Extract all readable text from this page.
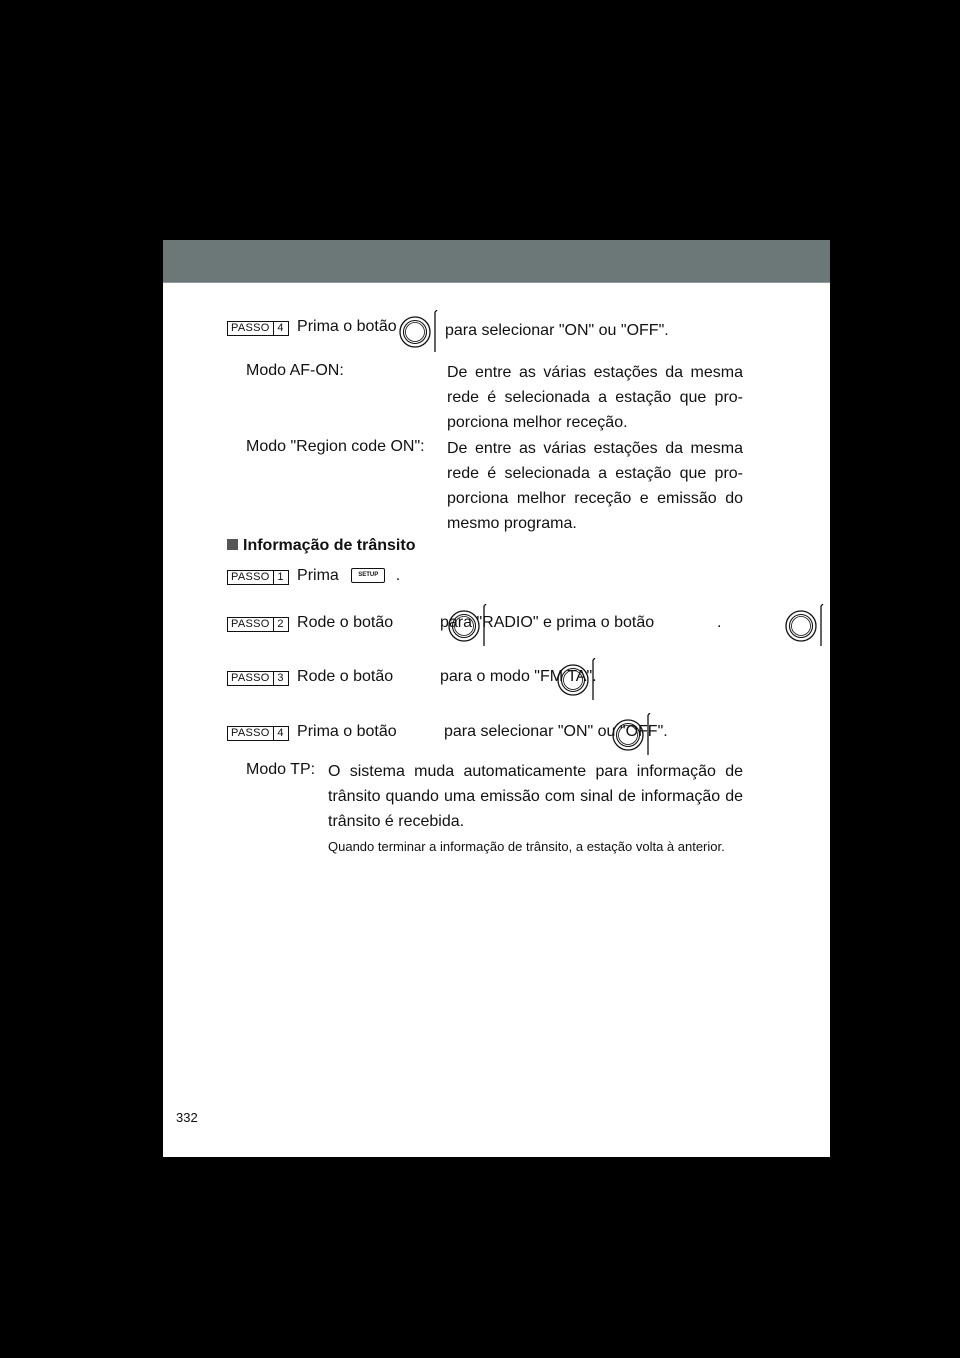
PASSO 4 Prima o botão
	para selecionar "ON" ou "OFF".
Modo AF-ON:	De entre as várias estações da mesma rede é selecionada a estação que pro-porciona melhor receção.
Modo "Region code ON": De entre as várias estações da mesma rede é selecionada a estação que pro-porciona melhor receção e emissão do mesmo programa.
Informação de trânsito
PASSO 1 Prima	SETUP .
PASSO 2 Rode o botão
	para "RADIO" e prima o botão
	.
PASSO 3 Rode o botão
	para o modo "FM TA".
PASSO 4 Prima o botão	para selecionar "ON" ou "OFF".
Modo TP: O sistema muda automaticamente para informação de trânsito quando uma emissão com sinal de informação de trânsito é recebida.
Quando terminar a informação de trânsito, a estação volta à anterior.
332
